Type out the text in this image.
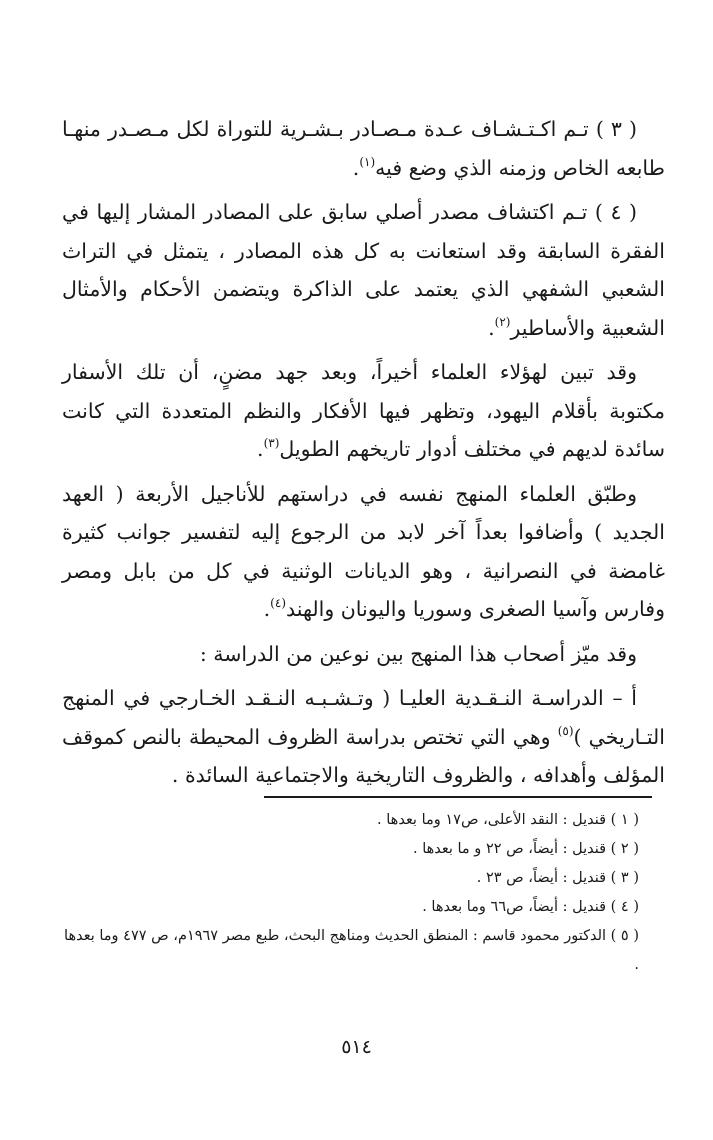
( ٣ ) تـم اكـتـشـاف عـدة مـصـادر بـشـرية للتوراة لكل مـصـدر منهـا طابعه الخاص وزمنه الذي وضع فيه$^{(١)}$.

( ٤ ) تـم اكتشاف مصدر أصلي سابق على المصادر المشار إليها في الفقرة السابقة وقد استعانت به كل هذه المصادر ، يتمثل في التراث الشعبي الشفهي الذي يعتمد على الذاكرة ويتضمن الأحكام والأمثال الشعبية والأساطير$^{(٢)}$.

وقد تبين لهؤلاء العلماء أخيراً، وبعد جهد مضنٍ، أن تلك الأسفار مكتوبة بأقلام اليهود، وتظهر فيها الأفكار والنظم المتعددة التي كانت سائدة لديهم في مختلف أدوار تاريخهم الطويل$^{(٣)}$.

وطبّق العلماء المنهج نفسه في دراستهم للأناجيل الأربعة ( العهد الجديد ) وأضافوا بعداً آخر لابد من الرجوع إليه لتفسير جوانب كثيرة غامضة في النصرانية ، وهو الديانات الوثنية في كل من بابل ومصر وفارس وآسيا الصغرى وسوريا واليونان والهند$^{(٤)}$.

وقد ميّز أصحاب هذا المنهج بين نوعين من الدراسة :

أ – الدراسـة النـقـدية العليـا ( وتـشـبـه النـقـد الخـارجي في المنهج التـاريخي )$^{(٥)}$ وهي التي تختص بدراسة الظروف المحيطة بالنص كموقف المؤلف وأهدافه ، والظروف التاريخية والاجتماعية السائدة .

( ١ ) قنديل : النقد الأعلى، ص١٧ وما بعدها .

( ٢ ) قنديل : أيضاً، ص ٢٢ و ما بعدها .

( ٣ ) قنديل : أيضاً، ص ٢٣ .

( ٤ ) قنديل : أيضاً، ص٦٦ وما بعدها .

( ٥ ) الدكتور محمود قاسم : المنطق الحديث ومناهج البحث، طبع مصر ١٩٦٧م، ص ٤٧٧ وما بعدها .

٥١٤
